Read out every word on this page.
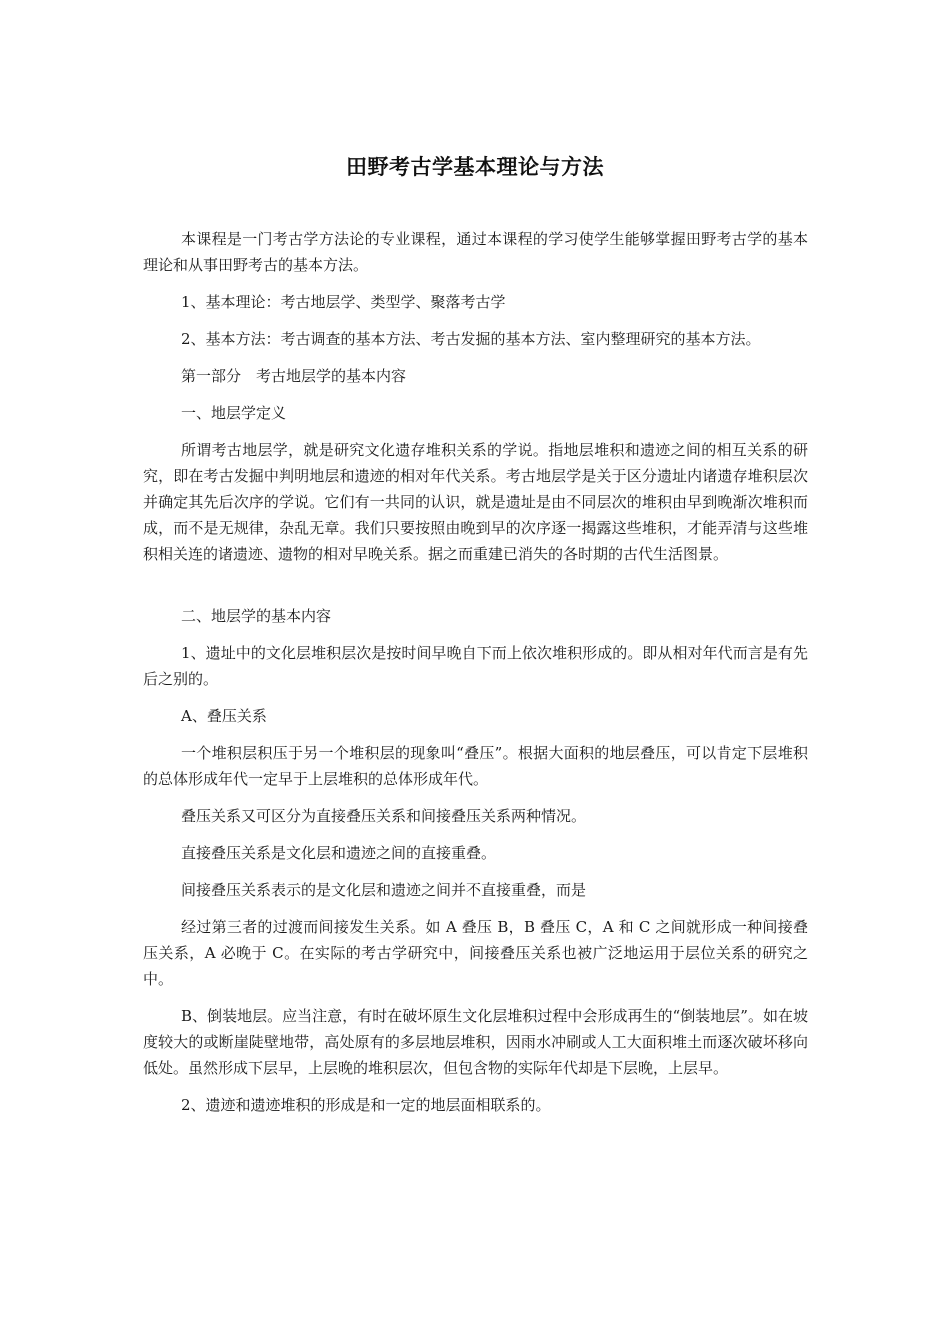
田野考古学基本理论与方法

本课程是一门考古学方法论的专业课程，通过本课程的学习使学生能够掌握田野考古学的基本理论和从事田野考古的基本方法。

1、基本理论：考古地层学、类型学、聚落考古学

2、基本方法：考古调查的基本方法、考古发掘的基本方法、室内整理研究的基本方法。

第一部分　考古地层学的基本内容

一、地层学定义

所谓考古地层学，就是研究文化遗存堆积关系的学说。指地层堆积和遗迹之间的相互关系的研究，即在考古发掘中判明地层和遗迹的相对年代关系。考古地层学是关于区分遗址内诸遗存堆积层次并确定其先后次序的学说。它们有一共同的认识，就是遗址是由不同层次的堆积由早到晚渐次堆积而成，而不是无规律，杂乱无章。我们只要按照由晚到早的次序逐一揭露这些堆积，才能弄清与这些堆积相关连的诸遗迹、遗物的相对早晚关系。据之而重建已消失的各时期的古代生活图景。

二、地层学的基本内容

1、遗址中的文化层堆积层次是按时间早晚自下而上依次堆积形成的。即从相对年代而言是有先后之别的。

A、叠压关系

一个堆积层积压于另一个堆积层的现象叫“叠压”。根据大面积的地层叠压，可以肯定下层堆积的总体形成年代一定早于上层堆积的总体形成年代。

叠压关系又可区分为直接叠压关系和间接叠压关系两种情况。

直接叠压关系是文化层和遗迹之间的直接重叠。

间接叠压关系表示的是文化层和遗迹之间并不直接重叠，而是

经过第三者的过渡而间接发生关系。如 A 叠压 B，B 叠压 C，A 和 C 之间就形成一种间接叠压关系，A 必晚于 C。在实际的考古学研究中，间接叠压关系也被广泛地运用于层位关系的研究之中。

B、倒装地层。应当注意，有时在破坏原生文化层堆积过程中会形成再生的“倒装地层”。如在坡度较大的或断崖陡壁地带，高处原有的多层地层堆积，因雨水冲刷或人工大面积堆土而逐次破坏移向低处。虽然形成下层早，上层晚的堆积层次，但包含物的实际年代却是下层晚，上层早。

2、遗迹和遗迹堆积的形成是和一定的地层面相联系的。
